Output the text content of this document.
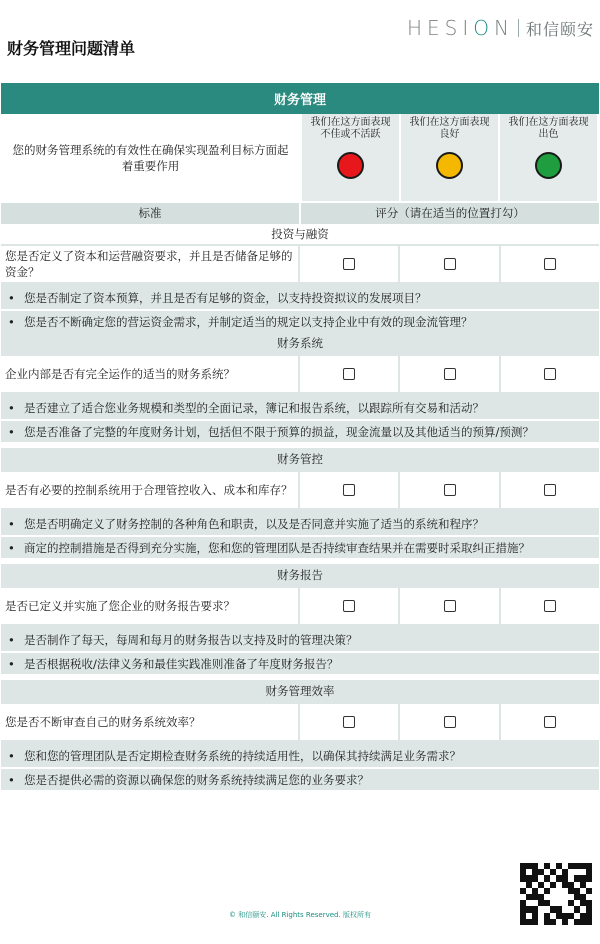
财务管理问题清单
HESION 和信颐安
财务管理
您的财务管理系统的有效性在确保实现盈利目标方面起着重要作用
我们在这方面表现不佳或不活跃
我们在这方面表现良好
我们在这方面表现出色
标准	评分（请在适当的位置打勾）
投资与融资
您是否定义了资本和运营融资要求，并且是否储备足够的资金？
• 您是否制定了资本预算，并且是否有足够的资金，以支持投资拟议的发展项目？
• 您是否不断确定您的营运资金需求，并制定适当的规定以支持企业中有效的现金流管理？
财务系统
企业内部是否有完全运作的适当的财务系统？
• 是否建立了适合您业务规模和类型的全面记录，簿记和报告系统，以跟踪所有交易和活动？
• 您是否准备了完整的年度财务计划，包括但不限于预算的损益，现金流量以及其他适当的预算/预测？
财务管控
是否有必要的控制系统用于合理管控收入、成本和库存？
• 您是否明确定义了财务控制的各种角色和职责，以及是否同意并实施了适当的系统和程序？
• 商定的控制措施是否得到充分实施，您和您的管理团队是否持续审查结果并在需要时采取纠正措施？
财务报告
是否已定义并实施了您企业的财务报告要求？
• 是否制作了每天，每周和每月的财务报告以支持及时的管理决策？
• 是否根据税收/法律义务和最佳实践准则准备了年度财务报告？
财务管理效率
您是否不断审查自己的财务系统效率？
• 您和您的管理团队是否定期检查财务系统的持续适用性，以确保其持续满足业务需求？
• 您是否提供必需的资源以确保您的财务系统持续满足您的业务要求？
© 和信颐安. All Rights Reserved. 版权所有
